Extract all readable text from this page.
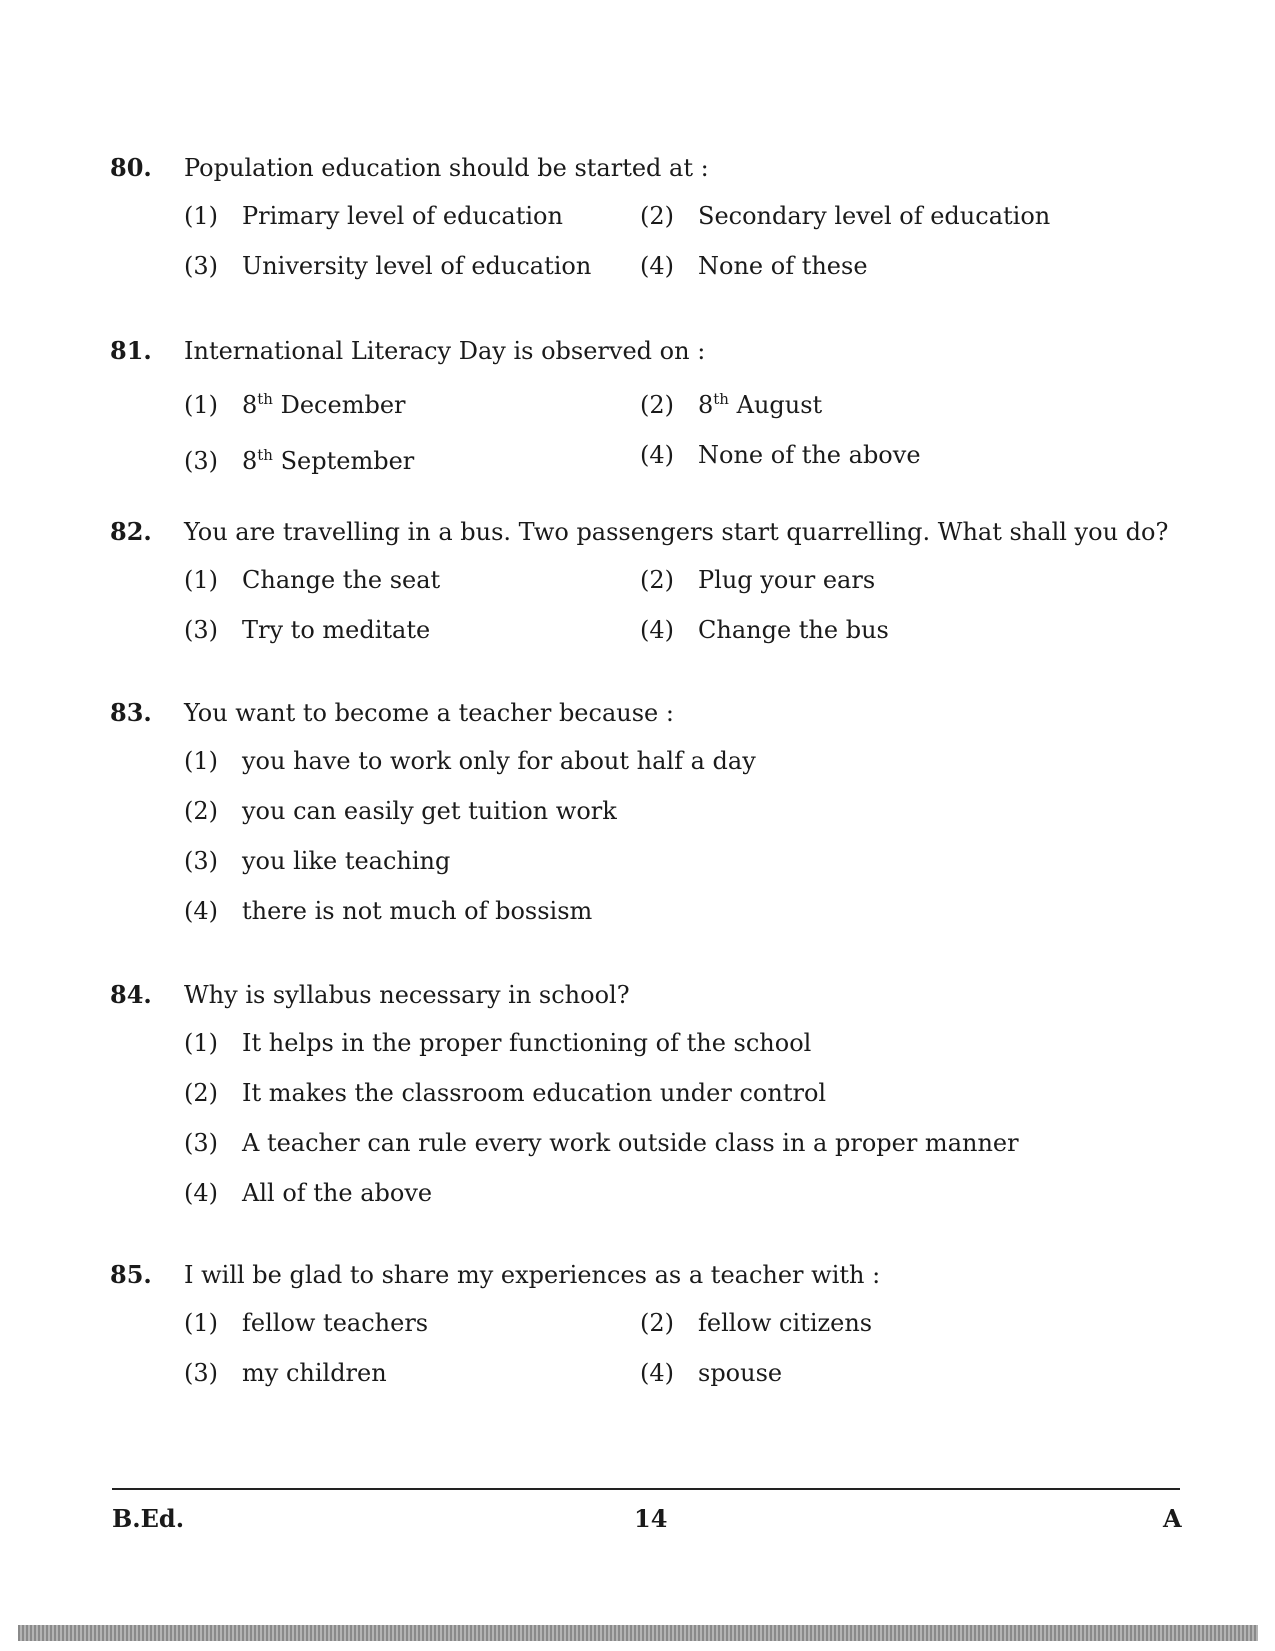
80.	Population education should be started at :
(1)	Primary level of education	(2)	Secondary level of education
(3)	University level of education (4)	None of these
81.	International Literacy Day is observed on :
(1)	8th December	(2)	8th August
(3)	8th September	(4)	None of the above
82.	You are travelling in a bus. Two passengers start quarrelling. What shall you do?
(1)	Change the seat	(2)	Plug your ears
(3)	Try to meditate	(4)	Change the bus
83.	You want to become a teacher because :
(1)	you have to work only for about half a day
(2)	you can easily get tuition work
(3)	you like teaching
(4)	there is not much of bossism
84.	Why is syllabus necessary in school?
(1)	It helps in the proper functioning of the school
(2)	It makes the classroom education under control
(3)	A teacher can rule every work outside class in a proper manner
(4)	All of the above
85.	I will be glad to share my experiences as a teacher with :
(1)	fellow teachers	(2)	fellow citizens
(3)	my children	(4)	spouse
B.Ed.	14	A
